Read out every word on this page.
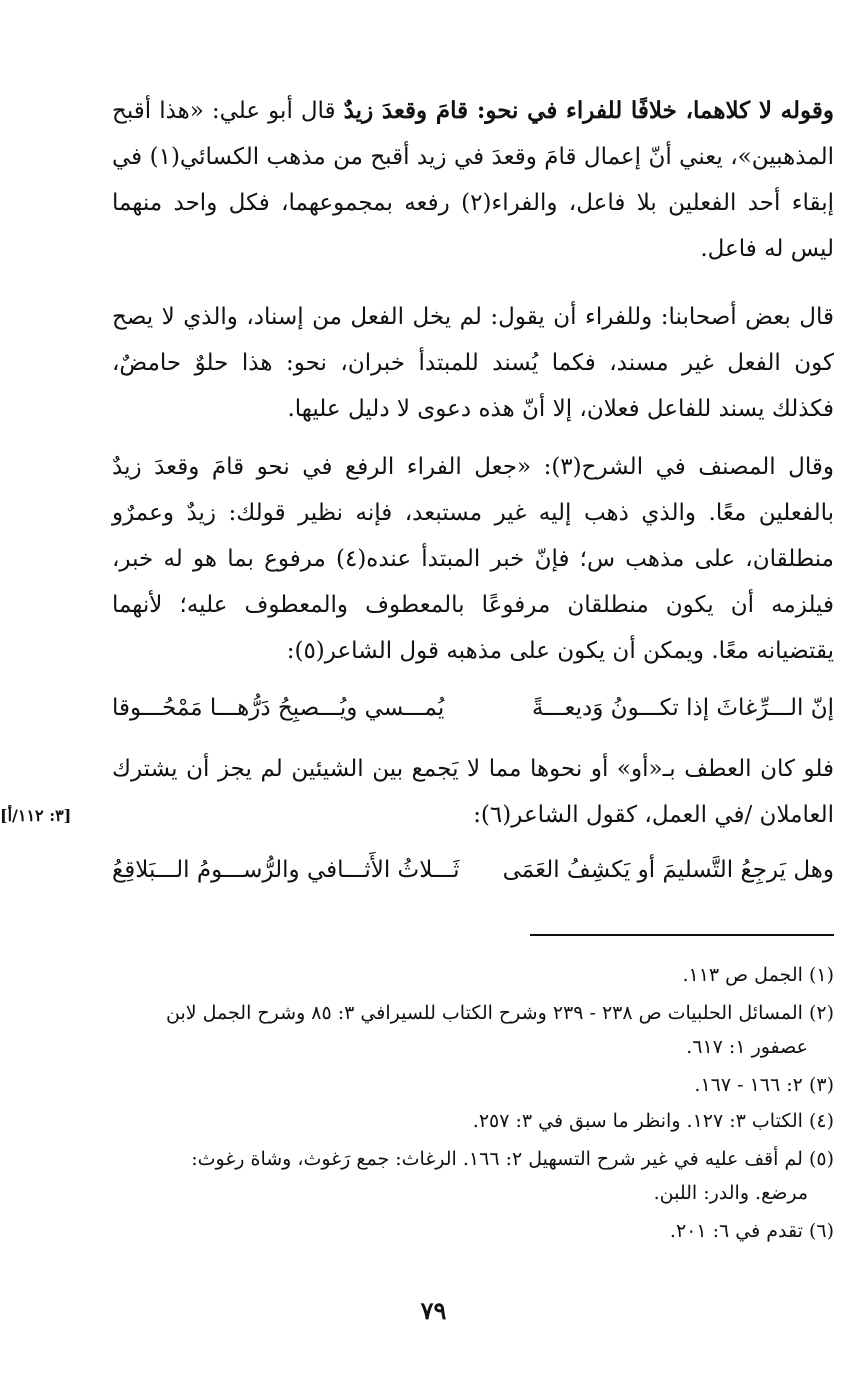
وقوله لا كلاهما، خلافًا للفراء في نحو: قامَ وقعدَ زيدٌ قال أبو علي: «هذا أقبح المذهبين»، يعني أنّ إعمال قامَ وقعدَ في زيد أقبح من مذهب الكسائي(١) في إبقاء أحد الفعلين بلا فاعل، والفراء(٢) رفعه بمجموعهما، فكل واحد منهما ليس له فاعل.

قال بعض أصحابنا: وللفراء أن يقول: لم يخل الفعل من إسناد، والذي لا يصح كون الفعل غير مسند، فكما يُسند للمبتدأ خبران، نحو: هذا حلوٌ حامضٌ، فكذلك يسند للفاعل فعلان، إلا أنّ هذه دعوى لا دليل عليها.

وقال المصنف في الشرح(٣): «جعل الفراء الرفع في نحو قامَ وقعدَ زيدٌ بالفعلين معًا. والذي ذهب إليه غير مستبعد، فإنه نظير قولك: زيدٌ وعمرٌو منطلقان، على مذهب س؛ فإنّ خبر المبتدأ عنده(٤) مرفوع بما هو له خبر، فيلزمه أن يكون منطلقان مرفوعًا بالمعطوف والمعطوف عليه؛ لأنهما يقتضيانه معًا. ويمكن أن يكون على مذهبه قول الشاعر(٥):

إنّ الـــرِّغاثَ إذا تكـــونُ وَديعـــةً
يُمـــسي ويُـــصبِحُ دَرُّهـــا مَمْحُـــوقا

فلو كان العطف بـ«أو» أو نحوها مما لا يَجمع بين الشيئين لم يجز أن يشترك العاملان /في العمل، كقول الشاعر(٦):

[٣: ١١٢/أ]
وهل يَرجِعُ التَّسليمَ أو يَكشِفُ العَمَى
ثَـــلاثُ الأَثـــافي والرُّســـومُ الـــبَلاقِعُ
(١) الجمل ص ١١٣.
(٢) المسائل الحلبيات ص ٢٣٨ - ٢٣٩ وشرح الكتاب للسيرافي ٣: ٨٥ وشرح الجمل لابن
عصفور ١: ٦١٧.
(٣) ٢: ١٦٦ - ١٦٧.
(٤) الكتاب ٣: ١٢٧. وانظر ما سبق في ٣: ٢٥٧.
(٥) لم أقف عليه في غير شرح التسهيل ٢: ١٦٦. الرغاث: جمع رَغوث، وشاة رغوث:
مرضع. والدر: اللبن.
(٦) تقدم في ٦: ٢٠١.
٧٩
